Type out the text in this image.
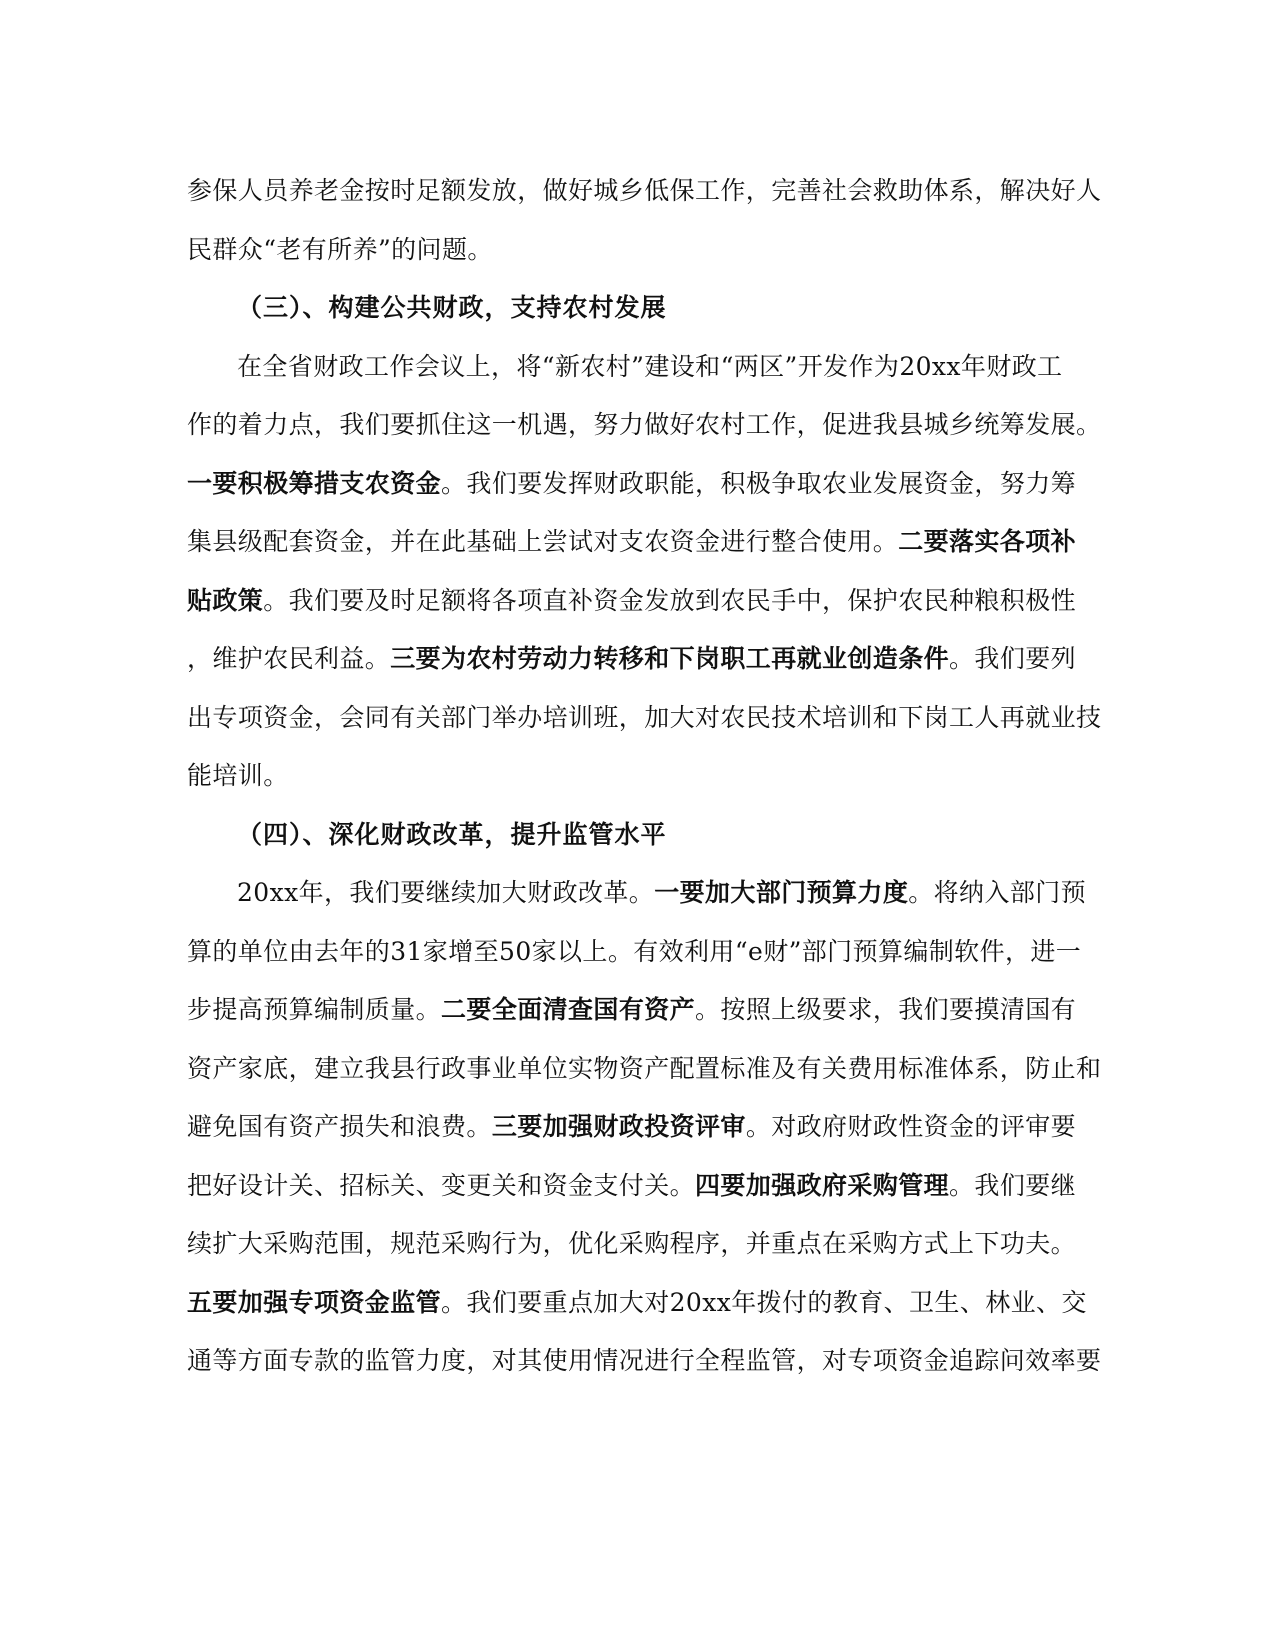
参保人员养老金按时足额发放，做好城乡低保工作，完善社会救助体系，解决好人
民群众“老有所养”的问题。
（三）、构建公共财政，支持农村发展
在全省财政工作会议上，将“新农村”建设和“两区”开发作为20xx年财政工
作的着力点，我们要抓住这一机遇，努力做好农村工作，促进我县城乡统筹发展。
一要积极筹措支农资金。我们要发挥财政职能，积极争取农业发展资金，努力筹
集县级配套资金，并在此基础上尝试对支农资金进行整合使用。二要落实各项补
贴政策。我们要及时足额将各项直补资金发放到农民手中，保护农民种粮积极性
，维护农民利益。三要为农村劳动力转移和下岗职工再就业创造条件。我们要列
出专项资金，会同有关部门举办培训班，加大对农民技术培训和下岗工人再就业技
能培训。
（四）、深化财政改革，提升监管水平
20xx年，我们要继续加大财政改革。一要加大部门预算力度。将纳入部门预
算的单位由去年的31家增至50家以上。有效利用“e财”部门预算编制软件，进一
步提高预算编制质量。二要全面清查国有资产。按照上级要求，我们要摸清国有
资产家底，建立我县行政事业单位实物资产配置标准及有关费用标准体系，防止和
避免国有资产损失和浪费。三要加强财政投资评审。对政府财政性资金的评审要
把好设计关、招标关、变更关和资金支付关。四要加强政府采购管理。我们要继
续扩大采购范围，规范采购行为，优化采购程序，并重点在采购方式上下功夫。
五要加强专项资金监管。我们要重点加大对20xx年拨付的教育、卫生、林业、交
通等方面专款的监管力度，对其使用情况进行全程监管，对专项资金追踪问效率要
